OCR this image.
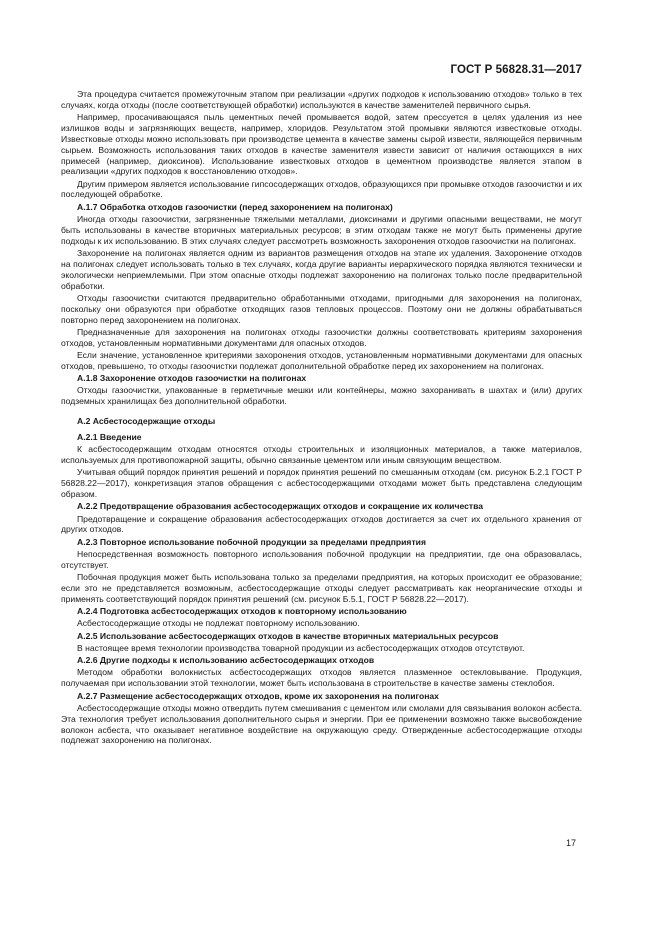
ГОСТ Р 56828.31—2017

Эта процедура считается промежуточным этапом при реализации «других подходов к использованию отходов» только в тех случаях, когда отходы (после соответствующей обработки) используются в качестве заменителей первичного сырья.

Например, просачивающаяся пыль цементных печей промывается водой, затем прессуется в целях удаления из нее излишков воды и загрязняющих веществ, например, хлоридов. Результатом этой промывки являются известковые отходы. Известковые отходы можно использовать при производстве цемента в качестве замены сырой извести, являющейся первичным сырьем. Возможность использования таких отходов в качестве заменителя извести зависит от наличия остающихся в них примесей (например, диоксинов). Использование известковых отходов в цементном производстве является этапом в реализации «других подходов к восстановлению отходов».

Другим примером является использование гипсосодержащих отходов, образующихся при промывке отходов газоочистки и их последующей обработке.

А.1.7 Обработка отходов газоочистки (перед захоронением на полигонах)

Иногда отходы газоочистки, загрязненные тяжелыми металлами, диоксинами и другими опасными веществами, не могут быть использованы в качестве вторичных материальных ресурсов; в этим отходам также не могут быть применены другие подходы к их использованию. В этих случаях следует рассмотреть возможность захоронения отходов газоочистки на полигонах.

Захоронение на полигонах является одним из вариантов размещения отходов на этапе их удаления. Захоронение отходов на полигонах следует использовать только в тех случаях, когда другие варианты иерархического порядка являются технически и экологически неприемлемыми. При этом опасные отходы подлежат захоронению на полигонах только после предварительной обработки.

Отходы газоочистки считаются предварительно обработанными отходами, пригодными для захоронения на полигонах, поскольку они образуются при обработке отходящих газов тепловых процессов. Поэтому они не должны обрабатываться повторно перед захоронением на полигонах.

Предназначенные для захоронения на полигонах отходы газоочистки должны соответствовать критериям захоронения отходов, установленным нормативными документами для опасных отходов.

Если значение, установленное критериями захоронения отходов, установленным нормативными документами для опасных отходов, превышено, то отходы газоочистки подлежат дополнительной обработке перед их захоронением на полигонах.

А.1.8 Захоронение отходов газоочистки на полигонах

Отходы газоочистки, упакованные в герметичные мешки или контейнеры, можно захоранивать в шахтах и (или) других подземных хранилищах без дополнительной обработки.

А.2 Асбестосодержащие отходы
А.2.1 Введение

К асбестосодержащим отходам относятся отходы строительных и изоляционных материалов, а также материалов, используемых для противопожарной защиты, обычно связанные цементом или иным связующим веществом.

Учитывая общий порядок принятия решений и порядок принятия решений по смешанным отходам (см. рисунок Б.2.1 ГОСТ Р 56828.22—2017), конкретизация этапов обращения с асбестосодержащими отходами может быть представлена следующим образом.

А.2.2 Предотвращение образования асбестосодержащих отходов и сокращение их количества

Предотвращение и сокращение образования асбестосодержащих отходов достигается за счет их отдельного хранения от других отходов.

А.2.3 Повторное использование побочной продукции за пределами предприятия

Непосредственная возможность повторного использования побочной продукции на предприятии, где она образовалась, отсутствует.

Побочная продукция может быть использована только за пределами предприятия, на которых происходит ее образование; если это не представляется возможным, асбестосодержащие отходы следует рассматривать как неорганические отходы и применять соответствующий порядок принятия решений (см. рисунок Б.5.1, ГОСТ Р 56828.22—2017).

А.2.4 Подготовка асбестосодержащих отходов к повторному использованию

Асбестосодержащие отходы не подлежат повторному использованию.

А.2.5 Использование асбестосодержащих отходов в качестве вторичных материальных ресурсов

В настоящее время технологии производства товарной продукции из асбестосодержащих отходов отсутствуют.

А.2.6 Другие подходы к использованию асбестосодержащих отходов

Методом обработки волокнистых асбестосодержащих отходов является плазменное остекловывание. Продукция, получаемая при использовании этой технологии, может быть использована в строительстве в качестве замены стеклобоя.

А.2.7 Размещение асбестосодержащих отходов, кроме их захоронения на полигонах

Асбестосодержащие отходы можно отвердить путем смешивания с цементом или смолами для связывания волокон асбеста. Эта технология требует использования дополнительного сырья и энергии. При ее применении возможно также высвобождение волокон асбеста, что оказывает негативное воздействие на окружающую среду. Отвержденные асбестосодержащие отходы подлежат захоронению на полигонах.

17
